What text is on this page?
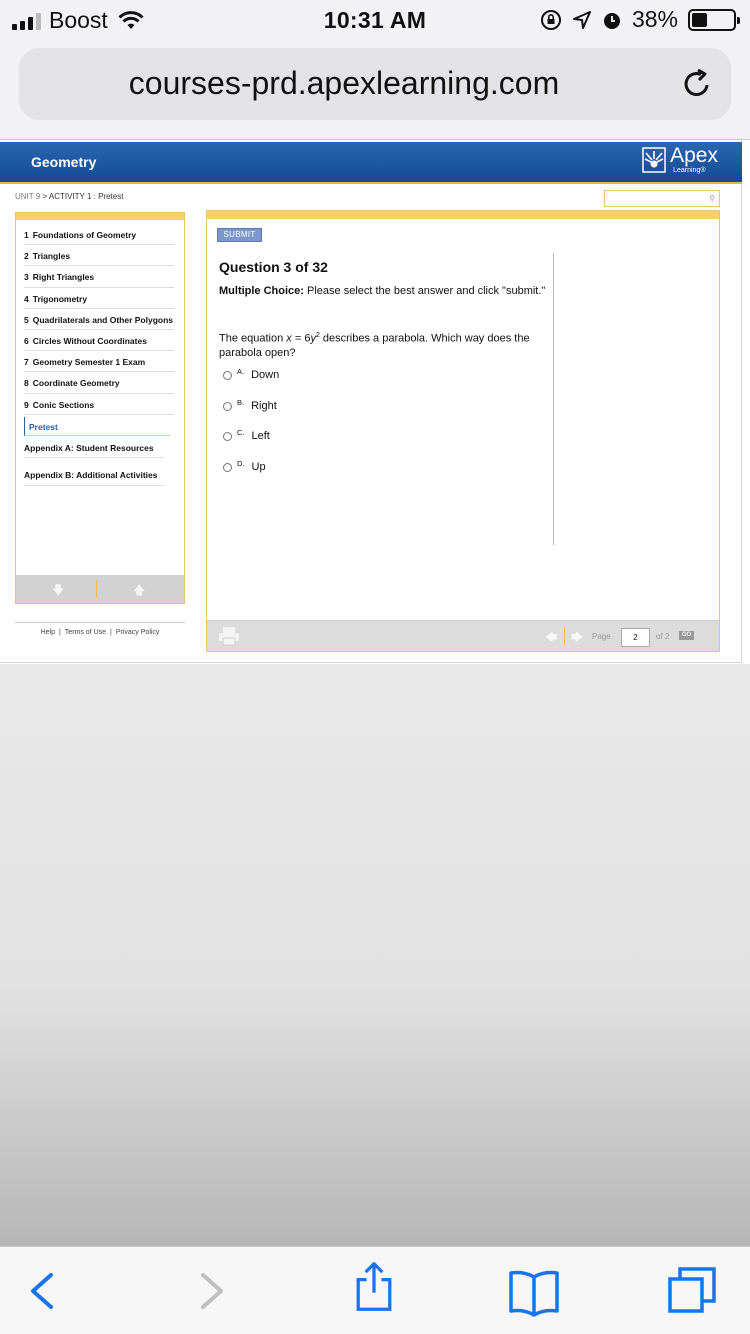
Boost	10:31 AM	38%
courses-prd.apexlearning.com
Geometry	Apex
Learning®
UNIT 9 > ACTIVITY 1 : Pretest	⚲
1 Foundations of Geometry
2 Triangles
3 Right Triangles
4 Trigonometry
5 Quadrilaterals and Other Polygons
6 Circles Without Coordinates
7 Geometry Semester 1 Exam
8 Coordinate Geometry
9 Conic Sections
Pretest
Appendix A: Student Resources
Appendix B: Additional Activities
🡇	🡅
Help | Terms of Use | Privacy Policy
SUBMIT
Question 3 of 32
Multiple Choice: Please select the best answer and click "submit."
The equation $x = 6y^2$ describes a parabola. Which way does the parabola open?
A. Down
B. Right
C. Left
D. Up
🡄 🡆 Page	2	of 2	GO
